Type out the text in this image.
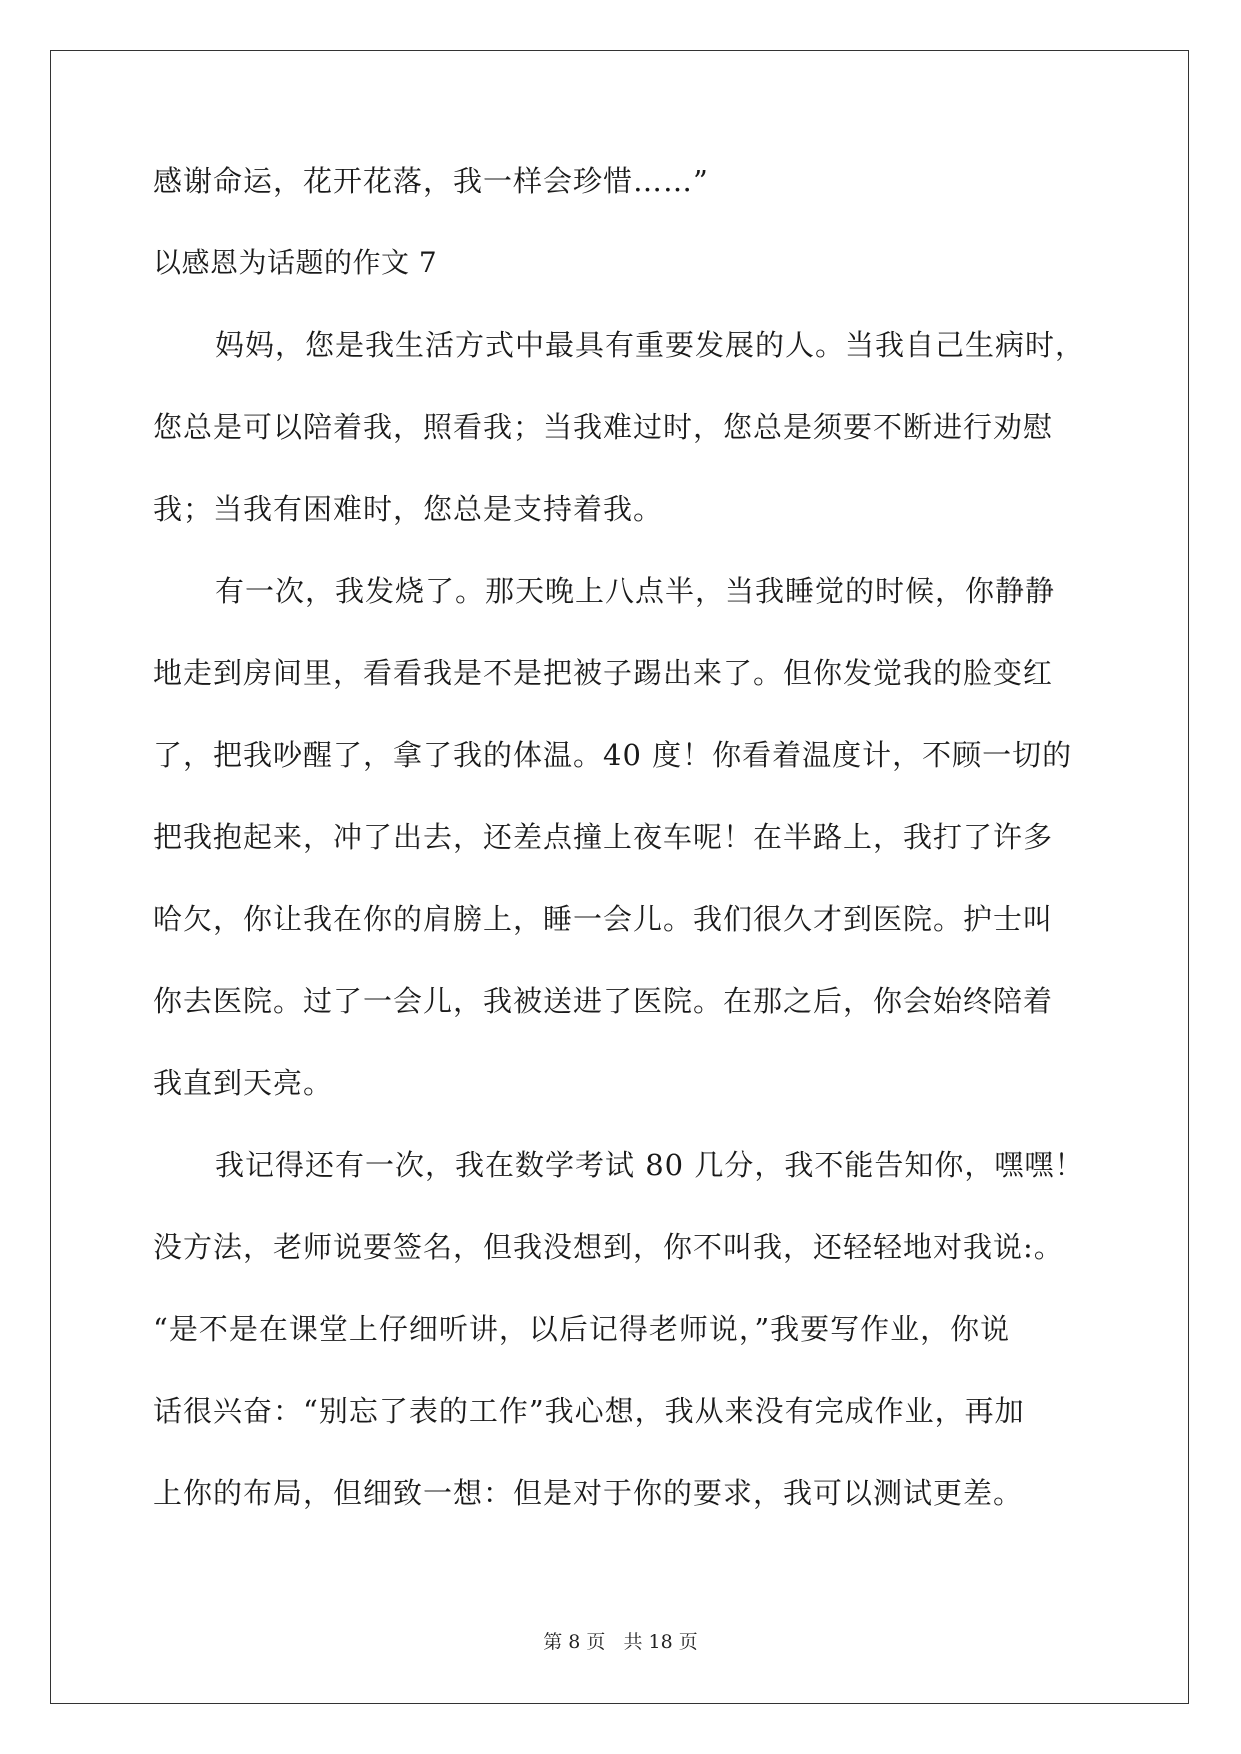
感谢命运，花开花落，我一样会珍惜……”
以感恩为话题的作文 7
妈妈，您是我生活方式中最具有重要发展的人。当我自己生病时，
您总是可以陪着我，照看我；当我难过时，您总是须要不断进行劝慰
我；当我有困难时，您总是支持着我。
有一次，我发烧了。那天晚上八点半，当我睡觉的时候，你静静
地走到房间里，看看我是不是把被子踢出来了。但你发觉我的脸变红
了，把我吵醒了，拿了我的体温。40 度！你看着温度计，不顾一切的
把我抱起来，冲了出去，还差点撞上夜车呢！在半路上，我打了许多
哈欠，你让我在你的肩膀上，睡一会儿。我们很久才到医院。护士叫
你去医院。过了一会儿，我被送进了医院。在那之后，你会始终陪着
我直到天亮。
我记得还有一次，我在数学考试 80 几分，我不能告知你，嘿嘿！
没方法，老师说要签名，但我没想到，你不叫我，还轻轻地对我说:。
“是不是在课堂上仔细听讲，以后记得老师说，”我要写作业，你说
话很兴奋：“别忘了表的工作”我心想，我从来没有完成作业，再加
上你的布局，但细致一想：但是对于你的要求，我可以测试更差。
第 8 页 共 18 页
